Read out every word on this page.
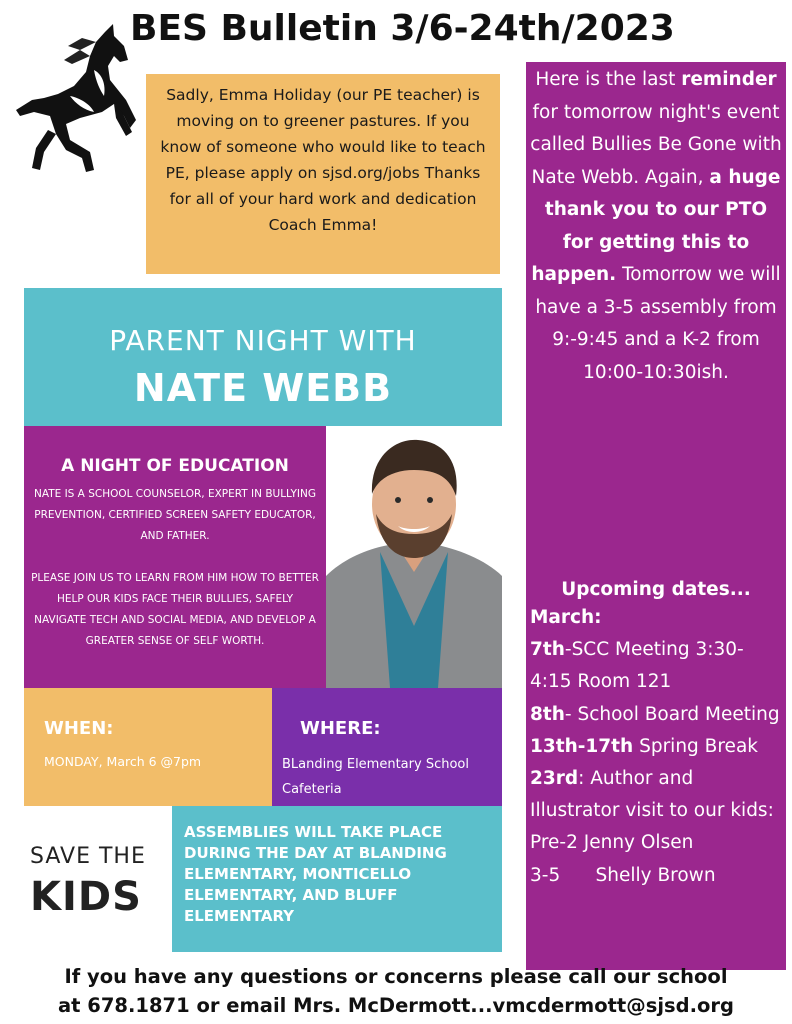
BES Bulletin 3/6-24th/2023

Sadly, Emma Holiday (our PE teacher) is moving on to greener pastures. If you know of someone who would like to teach PE, please apply on sjsd.org/jobs Thanks for all of your hard work and dedication Coach Emma!

Here is the last reminder for tomorrow night's event called Bullies Be Gone with Nate Webb. Again, a huge thank you to our PTO for getting this to happen. Tomorrow we will have a 3-5 assembly from 9:-9:45 and a K-2 from 10:00-10:30ish.
Upcoming dates...
March:
7th-SCC Meeting 3:30-4:15 Room 121
8th- School Board Meeting
13th-17th Spring Break
23rd: Author and Illustrator visit to our kids:
Pre-2 Jenny Olsen
3-5 Shelly Brown
PARENT NIGHT WITH
NATE WEBB
A NIGHT OF EDUCATION
NATE IS A SCHOOL COUNSELOR, EXPERT IN BULLYING PREVENTION, CERTIFIED SCREEN SAFETY EDUCATOR, AND FATHER.
PLEASE JOIN US TO LEARN FROM HIM HOW TO BETTER HELP OUR KIDS FACE THEIR BULLIES, SAFELY NAVIGATE TECH AND SOCIAL MEDIA, AND DEVELOP A GREATER SENSE OF SELF WORTH.
WHEN:
MONDAY, March 6 @7pm
WHERE:
BLanding Elementary School Cafeteria
SAVE THE
KIDS
ASSEMBLIES WILL TAKE PLACE DURING THE DAY AT BLANDING ELEMENTARY, MONTICELLO ELEMENTARY, AND BLUFF ELEMENTARY
If you have any questions or concerns please call our school
at 678.1871 or email Mrs. McDermott...vmcdermott@sjsd.org
